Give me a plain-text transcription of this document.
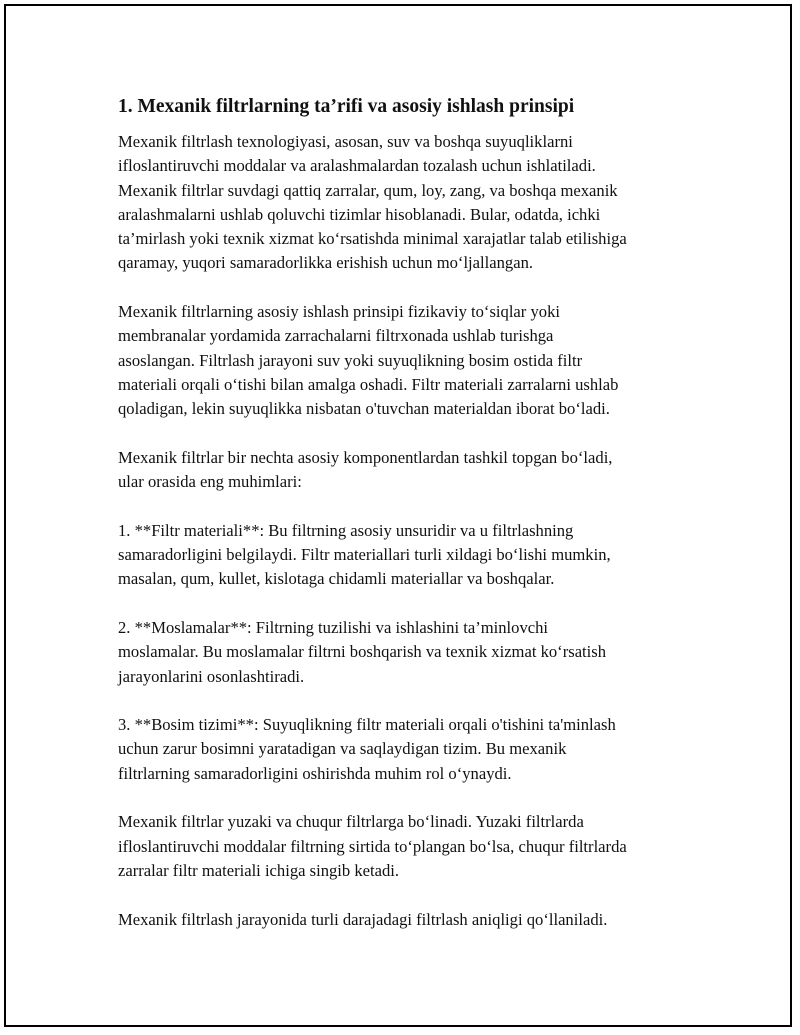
1. Mexanik filtrlarning ta’rifi va asosiy ishlash prinsipi

Mexanik filtrlash texnologiyasi, asosan, suv va boshqa suyuqliklarni
ifloslantiruvchi moddalar va aralashmalardan tozalash uchun ishlatiladi.
Mexanik filtrlar suvdagi qattiq zarralar, qum, loy, zang, va boshqa mexanik
aralashmalarni ushlab qoluvchi tizimlar hisoblanadi. Bular, odatda, ichki
ta’mirlash yoki texnik xizmat koʻrsatishda minimal xarajatlar talab etilishiga
qaramay, yuqori samaradorlikka erishish uchun moʻljallangan.

Mexanik filtrlarning asosiy ishlash prinsipi fizikaviy toʻsiqlar yoki
membranalar yordamida zarrachalarni filtrxonada ushlab turishga
asoslangan. Filtrlash jarayoni suv yoki suyuqlikning bosim ostida filtr
materiali orqali oʻtishi bilan amalga oshadi. Filtr materiali zarralarni ushlab
qoladigan, lekin suyuqlikka nisbatan o'tuvchan materialdan iborat boʻladi.

Mexanik filtrlar bir nechta asosiy komponentlardan tashkil topgan boʻladi,
ular orasida eng muhimlari:

1. **Filtr materiali**: Bu filtrning asosiy unsuridir va u filtrlashning
samaradorligini belgilaydi. Filtr materiallari turli xildagi boʻlishi mumkin,
masalan, qum, kullet, kislotaga chidamli materiallar va boshqalar.

2. **Moslamalar**: Filtrning tuzilishi va ishlashini ta’minlovchi
moslamalar. Bu moslamalar filtrni boshqarish va texnik xizmat koʻrsatish
jarayonlarini osonlashtiradi.

3. **Bosim tizimi**: Suyuqlikning filtr materiali orqali o'tishini ta'minlash
uchun zarur bosimni yaratadigan va saqlaydigan tizim. Bu mexanik
filtrlarning samaradorligini oshirishda muhim rol oʻynaydi.

Mexanik filtrlar yuzaki va chuqur filtrlarga boʻlinadi. Yuzaki filtrlarda
ifloslantiruvchi moddalar filtrning sirtida toʻplangan boʻlsa, chuqur filtrlarda
zarralar filtr materiali ichiga singib ketadi.

Mexanik filtrlash jarayonida turli darajadagi filtrlash aniqligi qoʻllaniladi.
